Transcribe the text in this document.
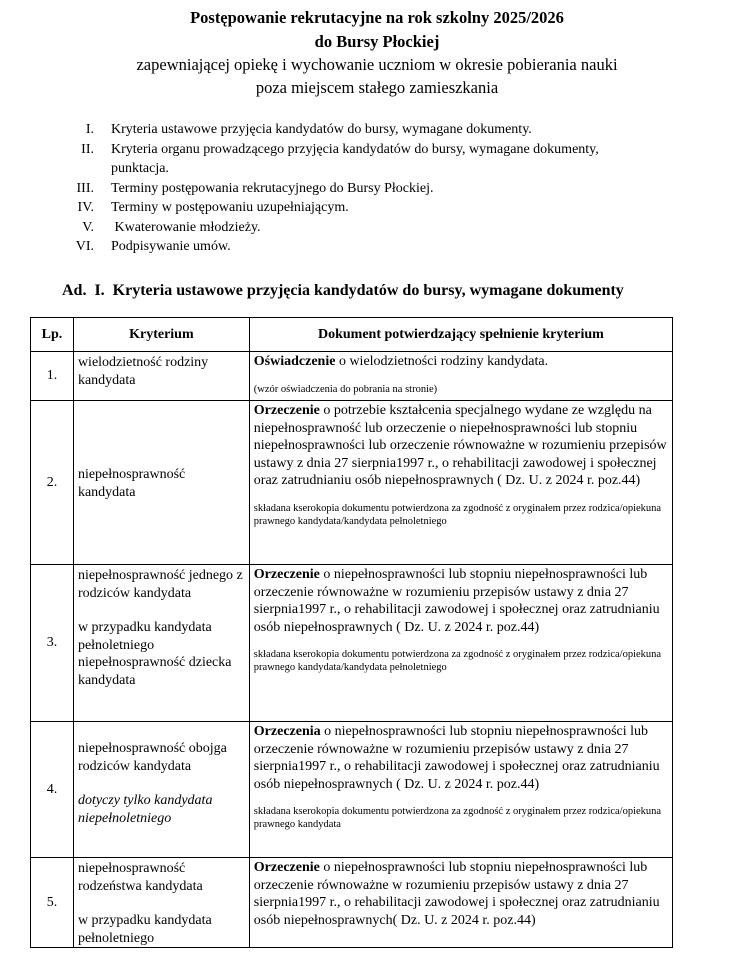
Postępowanie rekrutacyjne na rok szkolny 2025/2026
do Bursy Płockiej
zapewniającej opiekę i wychowanie uczniom w okresie pobierania nauki
poza miejscem stałego zamieszkania
I. Kryteria ustawowe przyjęcia kandydatów do bursy, wymagane dokumenty.
II. Kryteria organu prowadzącego przyjęcia kandydatów do bursy, wymagane dokumenty,
punktacja.
III. Terminy postępowania rekrutacyjnego do Bursy Płockiej.
IV. Terminy w postępowaniu uzupełniającym.
V. Kwaterowanie młodzieży.
VI. Podpisywanie umów.
Ad.  I.  Kryteria ustawowe przyjęcia kandydatów do bursy, wymagane dokumenty
Lp.	Kryterium	Dokument potwierdzający spełnienie kryterium
1.	wielodzietność rodziny kandydata	Oświadczenie o wielodzietności rodziny kandydata.
(wzór oświadczenia do pobrania na stronie)

2.	niepełnosprawność kandydata	Orzeczenie o potrzebie kształcenia specjalnego wydane ze względu na niepełnosprawność lub orzeczenie o niepełnosprawności lub stopniu niepełnosprawności lub orzeczenie równoważne w rozumieniu przepisów ustawy z dnia 27 sierpnia1997 r., o rehabilitacji zawodowej i społecznej oraz zatrudnianiu osób niepełnosprawnych ( Dz. U. z 2024 r. poz.44)
składana kserokopia dokumentu potwierdzona za zgodność z oryginałem przez rodzica/opiekuna prawnego kandydata/kandydata pełnoletniego

3.	niepełnosprawność jednego z rodziców kandydata
w przypadku kandydata pełnoletniego niepełnosprawność dziecka kandydata	Orzeczenie o niepełnosprawności lub stopniu niepełnosprawności lub orzeczenie równoważne w rozumieniu przepisów ustawy z dnia 27 sierpnia1997 r., o rehabilitacji zawodowej i społecznej oraz zatrudnianiu osób niepełnosprawnych ( Dz. U. z 2024 r. poz.44)
składana kserokopia dokumentu potwierdzona za zgodność z oryginałem przez rodzica/opiekuna prawnego kandydata/kandydata pełnoletniego

4.	niepełnosprawność obojga rodziców kandydata
dotyczy tylko kandydata niepełnoletniego	Orzeczenia o niepełnosprawności lub stopniu niepełnosprawności lub orzeczenie równoważne w rozumieniu przepisów ustawy z dnia 27 sierpnia1997 r., o rehabilitacji zawodowej i społecznej oraz zatrudnianiu osób niepełnosprawnych ( Dz. U. z 2024 r. poz.44)
składana kserokopia dokumentu potwierdzona za zgodność z oryginałem przez rodzica/opiekuna prawnego kandydata

5.	niepełnosprawność rodzeństwa kandydata
w przypadku kandydata pełnoletniego	Orzeczenie o niepełnosprawności lub stopniu niepełnosprawności lub orzeczenie równoważne w rozumieniu przepisów ustawy z dnia 27 sierpnia1997 r., o rehabilitacji zawodowej i społecznej oraz zatrudnianiu osób niepełnosprawnych( Dz. U. z 2024 r. poz.44)
